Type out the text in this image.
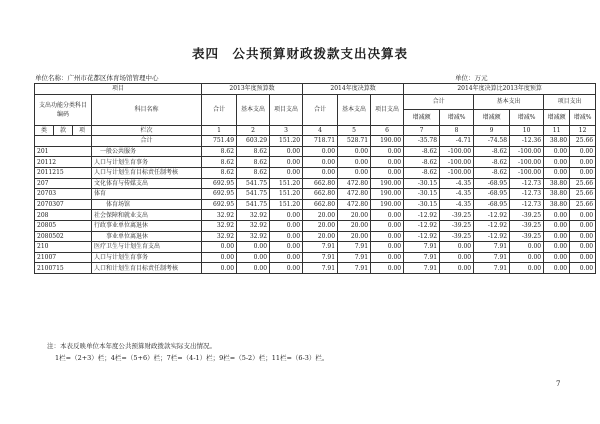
表四　公共预算财政拨款支出决算表
单位名称：广州市花都区体育场馆管理中心	单位：万元
项目				2013年度预算数			2014年度决算数			2014年度决算比2013年度预算					
支出功能分类科目编码			科目名称	合计	基本支出	项目支出	合计	基本支出	项目支出	合计		基本支出		项目支出	
										增减额	增减%	增减额	增减%	增减额	增减%
类	款	项	栏次	1	2	3	4	5	6	7	8	9	10	11	12
			合计	751.49	603.29	151.20	718.71	528.71	190.00	-35.78	-4.71	-74.58	-12.36	38.80	25.66
201			一般公共服务	8.62	8.62	0.00	0.00	0.00	0.00	-8.62	-100.00	-8.62	-100.00	0.00	0.00
20112			人口与计划生育事务	8.62	8.62	0.00	0.00	0.00	0.00	-8.62	-100.00	-8.62	-100.00	0.00	0.00
2011215			人口与计划生育目标责任制考核	8.62	8.62	0.00	0.00	0.00	0.00	-8.62	-100.00	-8.62	-100.00	0.00	0.00
207			文化体育与传媒支出	692.95	541.75	151.20	662.80	472.80	190.00	-30.15	-4.35	-68.95	-12.73	38.80	25.66
20703			体育	692.95	541.75	151.20	662.80	472.80	190.00	-30.15	-4.35	-68.95	-12.73	38.80	25.66
2070307			体育场馆	692.95	541.75	151.20	662.80	472.80	190.00	-30.15	-4.35	-68.95	-12.73	38.80	25.66
208			社会保障和就业支出	32.92	32.92	0.00	20.00	20.00	0.00	-12.92	-39.25	-12.92	-39.25	0.00	0.00
20805			行政事业单位离退休	32.92	32.92	0.00	20.00	20.00	0.00	-12.92	-39.25	-12.92	-39.25	0.00	0.00
2080502			事业单位离退休	32.92	32.92	0.00	20.00	20.00	0.00	-12.92	-39.25	-12.92	-39.25	0.00	0.00
210			医疗卫生与计划生育支出	0.00	0.00	0.00	7.91	7.91	0.00	7.91	0.00	7.91	0.00	0.00	0.00
21007			人口与计划生育事务	0.00	0.00	0.00	7.91	7.91	0.00	7.91	0.00	7.91	0.00	0.00	0.00
2100715			人口和计划生育目标责任制考核	0.00	0.00	0.00	7.91	7.91	0.00	7.91	0.00	7.91	0.00	0.00	0.00
注：本表反映单位本年度公共预算财政拨款实际支出情况。
1栏=（2+3）栏；4栏=（5+6）栏；7栏=（4-1）栏；9栏=（5-2）栏；11栏=（6-3）栏。
7
